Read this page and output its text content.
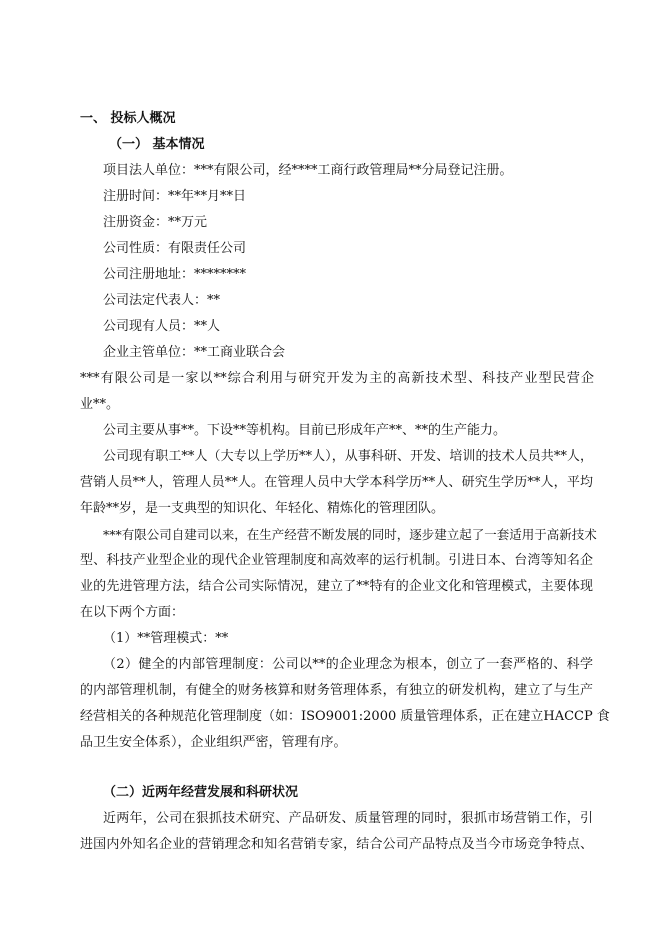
一、 投标人概况
（一） 基本情况
项目法人单位：***有限公司，经****工商行政管理局**分局登记注册。
注册时间：**年**月**日
注册资金：**万元
公司性质：有限责任公司
公司注册地址：********
公司法定代表人：**
公司现有人员：**人
企业主管单位：**工商业联合会
***有限公司是一家以**综合利用与研究开发为主的高新技术型、科技产业型民营企
业**。
公司主要从事**。下设**等机构。目前已形成年产**、**的生产能力。
公司现有职工**人（大专以上学历**人），从事科研、开发、培训的技术人员共**人，
营销人员**人，管理人员**人。在管理人员中大学本科学历**人、研究生学历**人，平均
年龄**岁，是一支典型的知识化、年轻化、精炼化的管理团队。
***有限公司自建司以来，在生产经营不断发展的同时，逐步建立起了一套适用于高新技术
型、科技产业型企业的现代企业管理制度和高效率的运行机制。引进日本、台湾等知名企
业的先进管理方法，结合公司实际情况，建立了**特有的企业文化和管理模式，主要体现
在以下两个方面：
（1）**管理模式：**
（2）健全的内部管理制度：公司以**的企业理念为根本，创立了一套严格的、科学
的内部管理机制，有健全的财务核算和财务管理体系，有独立的研发机构，建立了与生产
经营相关的各种规范化管理制度（如：ISO9001:2000 质量管理体系，正在建立HACCP 食
品卫生安全体系），企业组织严密，管理有序。
（二）近两年经营发展和科研状况
近两年，公司在狠抓技术研究、产品研发、质量管理的同时，狠抓市场营销工作，引
进国内外知名企业的营销理念和知名营销专家，结合公司产品特点及当今市场竞争特点、
